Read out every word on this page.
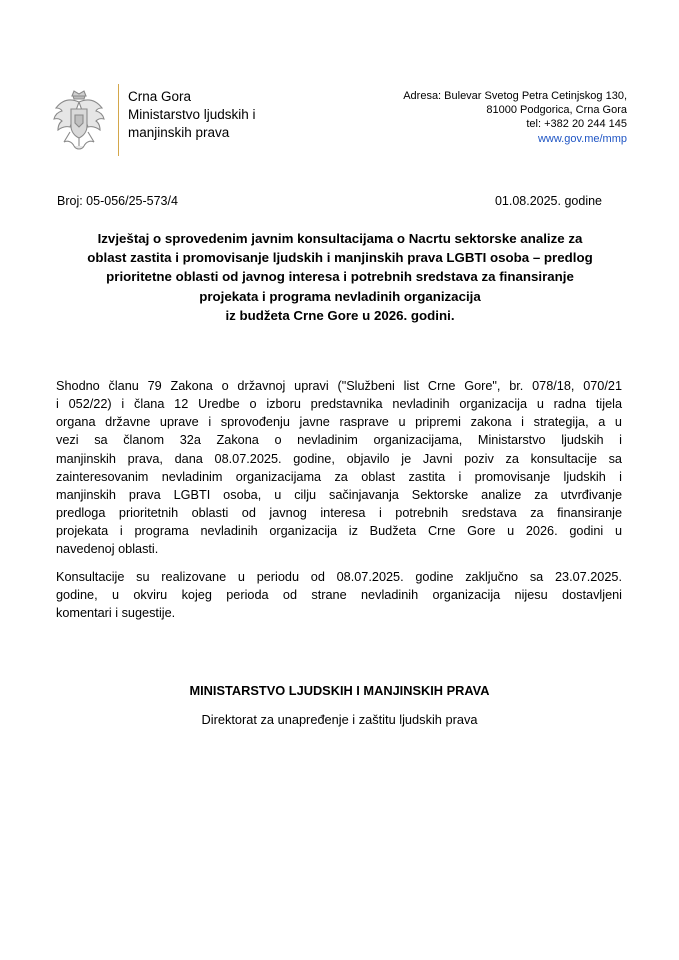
Crna Gora
Ministarstvo ljudskih i
manjinskih prava
Adresa: Bulevar Svetog Petra Cetinjskog 130,
81000 Podgorica, Crna Gora
tel: +382 20 244 145
www.gov.me/mmp
Broj: 05-056/25-573/4	01.08.2025. godine
Izvještaj o sprovedenim javnim konsultacijama o Nacrtu sektorske analize za
oblast zastita i promovisanje ljudskih i manjinskih prava LGBTI osoba – predlog
prioritetne oblasti od javnog interesa i potrebnih sredstava za finansiranje
projekata i programa nevladinih organizacija
iz budžeta Crne Gore u 2026. godini.
Shodno članu 79 Zakona o državnoj upravi ("Službeni list Crne Gore", br. 078/18, 070/21
i 052/22) i člana 12 Uredbe o izboru predstavnika nevladinih organizacija u radna tijela
organa državne uprave i sprovođenju javne rasprave u pripremi zakona i strategija, a u
vezi sa članom 32a Zakona o nevladinim organizacijama, Ministarstvo ljudskih i
manjinskih prava, dana 08.07.2025. godine, objavilo je Javni poziv za konsultacije sa
zainteresovanim nevladinim organizacijama za oblast zastita i promovisanje ljudskih i
manjinskih prava LGBTI osoba, u cilju sačinjavanja Sektorske analize za utvrđivanje
predloga prioritetnih oblasti od javnog interesa i potrebnih sredstava za finansiranje
projekata i programa nevladinih organizacija iz Budžeta Crne Gore u 2026. godini u
navedenoj oblasti.
Konsultacije su realizovane u periodu od 08.07.2025. godine zaključno sa 23.07.2025.
godine, u okviru kojeg perioda od strane nevladinih organizacija nijesu dostavljeni
komentari i sugestije.
MINISTARSTVO LJUDSKIH I MANJINSKIH PRAVA
Direktorat za unapređenje i zaštitu ljudskih prava
